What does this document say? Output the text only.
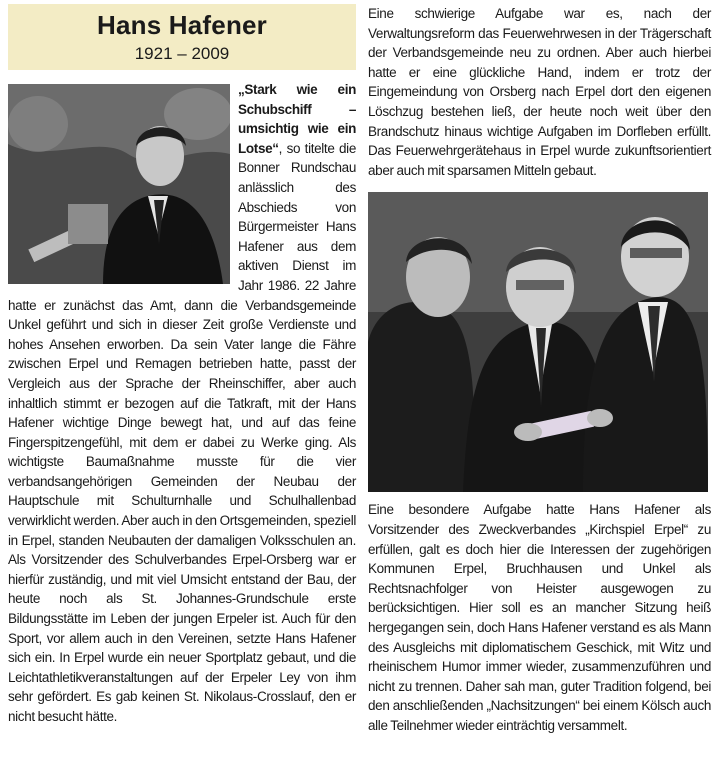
Hans Hafener
1921 – 2009
„Stark wie ein Schubschiff – umsichtig wie ein Lotse“, so titelte die Bonner Rundschau anlässlich des Abschieds von Bürgermeister Hans Hafener aus dem aktiven Dienst im Jahr 1986. 22 Jahre hatte er zunächst das Amt, dann die Verbandsgemeinde Unkel geführt und sich in dieser Zeit große Verdienste und hohes Ansehen erworben. Da sein Vater lange die Fähre zwischen Erpel und Remagen betrieben hatte, passt der Vergleich aus der Sprache der Rheinschiffer, aber auch inhaltlich stimmt er bezogen auf die Tatkraft, mit der Hans Hafener wichtige Dinge bewegt hat, und auf das feine Fingerspitzengefühl, mit dem er dabei zu Werke ging. Als wichtigste Baumaßnahme musste für die vier verbandsangehörigen Gemeinden der Neubau der Hauptschule mit Schulturnhalle und Schulhallenbad verwirklicht werden. Aber auch in den Ortsgemeinden, speziell in Erpel, standen Neubauten der damaligen Volksschulen an. Als Vorsitzender des Schulverbandes Erpel-Orsberg war er hierfür zuständig, und mit viel Umsicht entstand der Bau, der heute noch als St. Johannes-Grundschule erste Bildungsstätte im Leben der jungen Erpeler ist. Auch für den Sport, vor allem auch in den Vereinen, setzte Hans Hafener sich ein. In Erpel wurde ein neuer Sportplatz gebaut, und die Leichtathletikveranstaltungen auf der Erpeler Ley von ihm sehr gefördert. Es gab keinen St. Nikolaus-Crosslauf, den er nicht besucht hätte.

Eine schwierige Aufgabe war es, nach der Verwaltungsreform das Feuerwehrwesen in der Trägerschaft der Verbandsgemeinde neu zu ordnen. Aber auch hierbei hatte er eine glückliche Hand, indem er trotz der Eingemeindung von Orsberg nach Erpel dort den eigenen Löschzug bestehen ließ, der heute noch weit über den Brandschutz hinaus wichtige Aufgaben im Dorfleben erfüllt. Das Feuerwehrgerätehaus in Erpel wurde zukunftsorientiert aber auch mit sparsamen Mitteln gebaut.

Eine besondere Aufgabe hatte Hans Hafener als Vorsitzender des Zweckverbandes „Kirchspiel Erpel“ zu erfüllen, galt es doch hier die Interessen der zugehörigen Kommunen Erpel, Bruchhausen und Unkel als Rechtsnachfolger von Heister ausgewogen zu berücksichtigen. Hier soll es an mancher Sitzung heiß hergegangen sein, doch Hans Hafener verstand es als Mann des Ausgleichs mit diplomatischem Geschick, mit Witz und rheinischem Humor immer wieder, zusammenzuführen und nicht zu trennen. Daher sah man, guter Tradition folgend, bei den anschließenden „Nachsitzungen“ bei einem Kölsch auch alle Teilnehmer wieder einträchtig versammelt.
